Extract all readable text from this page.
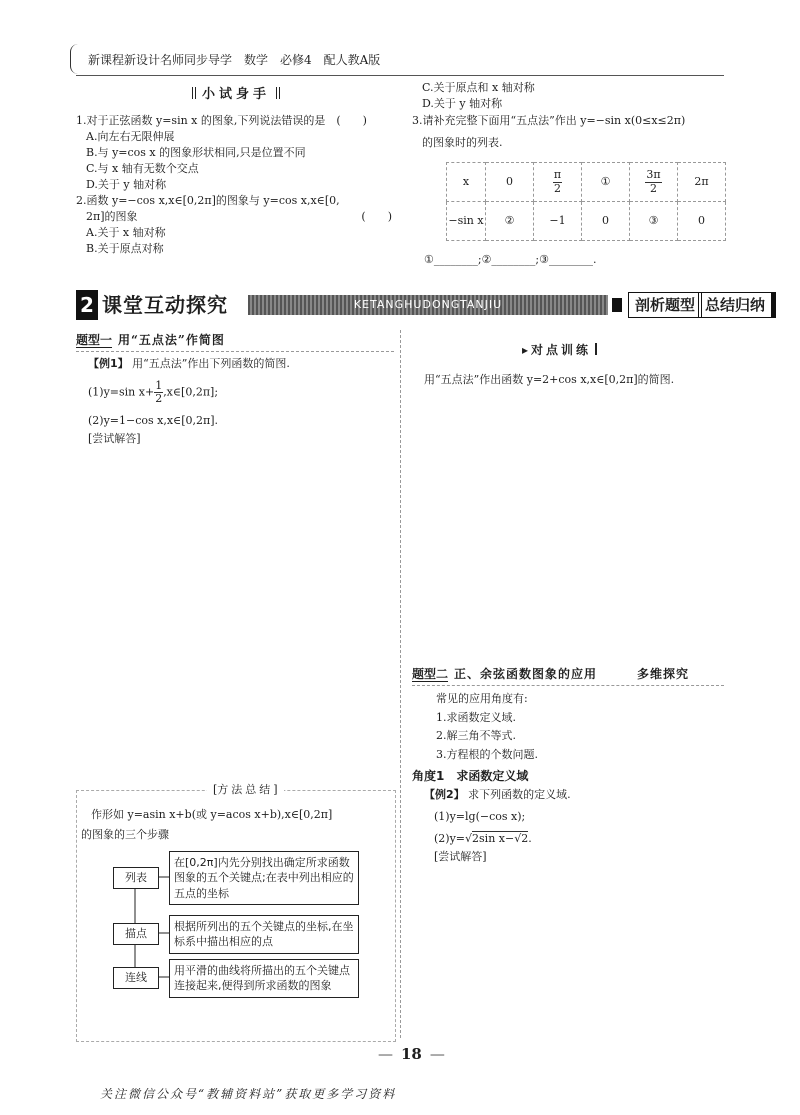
新课程新设计名师同步导学　数学　必修4　配人教A版
小试身手
1.对于正弦函数 y=sin x 的图象,下列说法错误的是　(　　)
A.向左右无限伸展
B.与 y=cos x 的图象形状相同,只是位置不同
C.与 x 轴有无数个交点
D.关于 y 轴对称
2.函数 y=−cos x,x∈[0,2π]的图象与 y=cos x,x∈[0,
2π]的图象	(　　)
A.关于 x 轴对称
B.关于原点对称
C.关于原点和 x 轴对称
D.关于 y 轴对称
3.请补充完整下面用“五点法”作出 y=−sin x(0≤x≤2π)
的图象时的列表.
x	0	$\frac{\pi}{2}$	①	$\frac{3\pi}{2}$	2π
−sin x	②	−1	0	③	0
①________;②________;③________.
2 课堂互动探究	KETANGHUDONGTANJIU	剖析题型 总结归纳
题型一 用“五点法”作简图
【例1】 用“五点法”作出下列函数的简图.
(1)y=sin $x+ \frac{1}{2}$ ,x∈[0,2π];
(2)y=1−cos x,x∈[0,2π].
[尝试解答]
▸对点训练
用“五点法”作出函数 y=2+cos x,x∈[0,2π]的简图.
[方法总结]
作形如 y=asin x+b(或 y=acos x+b),x∈[0,2π]
的图象的三个步骤
列表
在[0,2π]内先分别找出确定所求函数图象的五个关键点;在表中列出相应的五点的坐标
描点
根据所列出的五个关键点的坐标,在坐标系中描出相应的点
连线
用平滑的曲线将所描出的五个关键点连接起来,便得到所求函数的图象
题型二 正、余弦函数图象的应用	多维探究
常见的应用角度有:
1.求函数定义域.
2.解三角不等式.
3.方程根的个数问题.
角度1　求函数定义域
【例2】 求下列函数的定义域.
(1)y=lg(−cos x);
(2)y=√2sin x−√2.
[尝试解答]
— 18 —
关注微信公众号“教辅资料站”获取更多学习资料
